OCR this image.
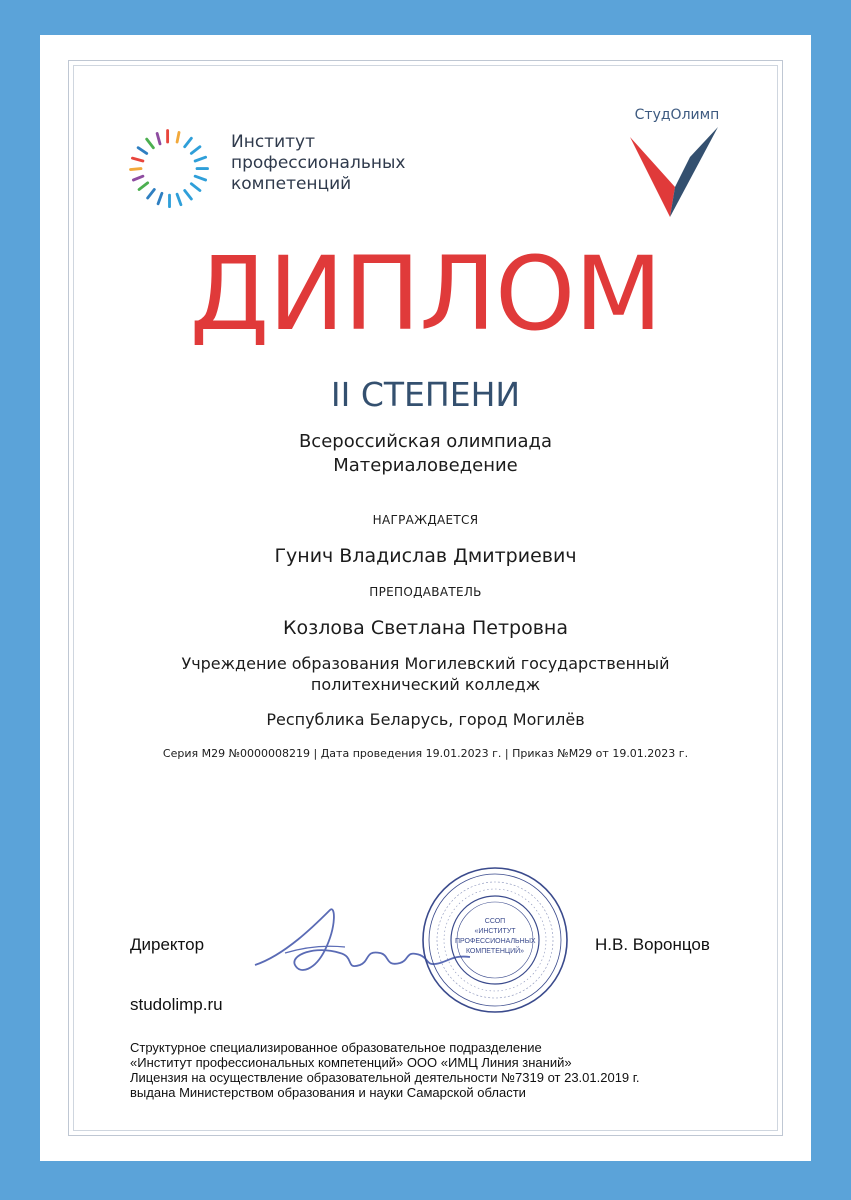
Институт
профессиональных
компетенций
СтудОлимп
ДИПЛОМ
II СТЕПЕНИ
Всероссийская олимпиада
Материаловедение
НАГРАЖДАЕТСЯ
Гунич Владислав Дмитриевич
ПРЕПОДАВАТЕЛЬ
Козлова Светлана Петровна
Учреждение образования Могилевский государственный
политехнический колледж
Республика Беларусь, город Могилёв
Серия М29 №0000008219 | Дата проведения 19.01.2023 г. | Приказ №М29 от 19.01.2023 г.
Директор
ССОП
«ИНСТИТУТ
ПРОФЕССИОНАЛЬНЫХ
КОМПЕТЕНЦИЙ»	Н.В. Воронцов
studolimp.ru
Структурное специализированное образовательное подразделение
«Институт профессиональных компетенций» ООО «ИМЦ Линия знаний»
Лицензия на осуществление образовательной деятельности №7319 от 23.01.2019 г.
выдана Министерством образования и науки Самарской области
